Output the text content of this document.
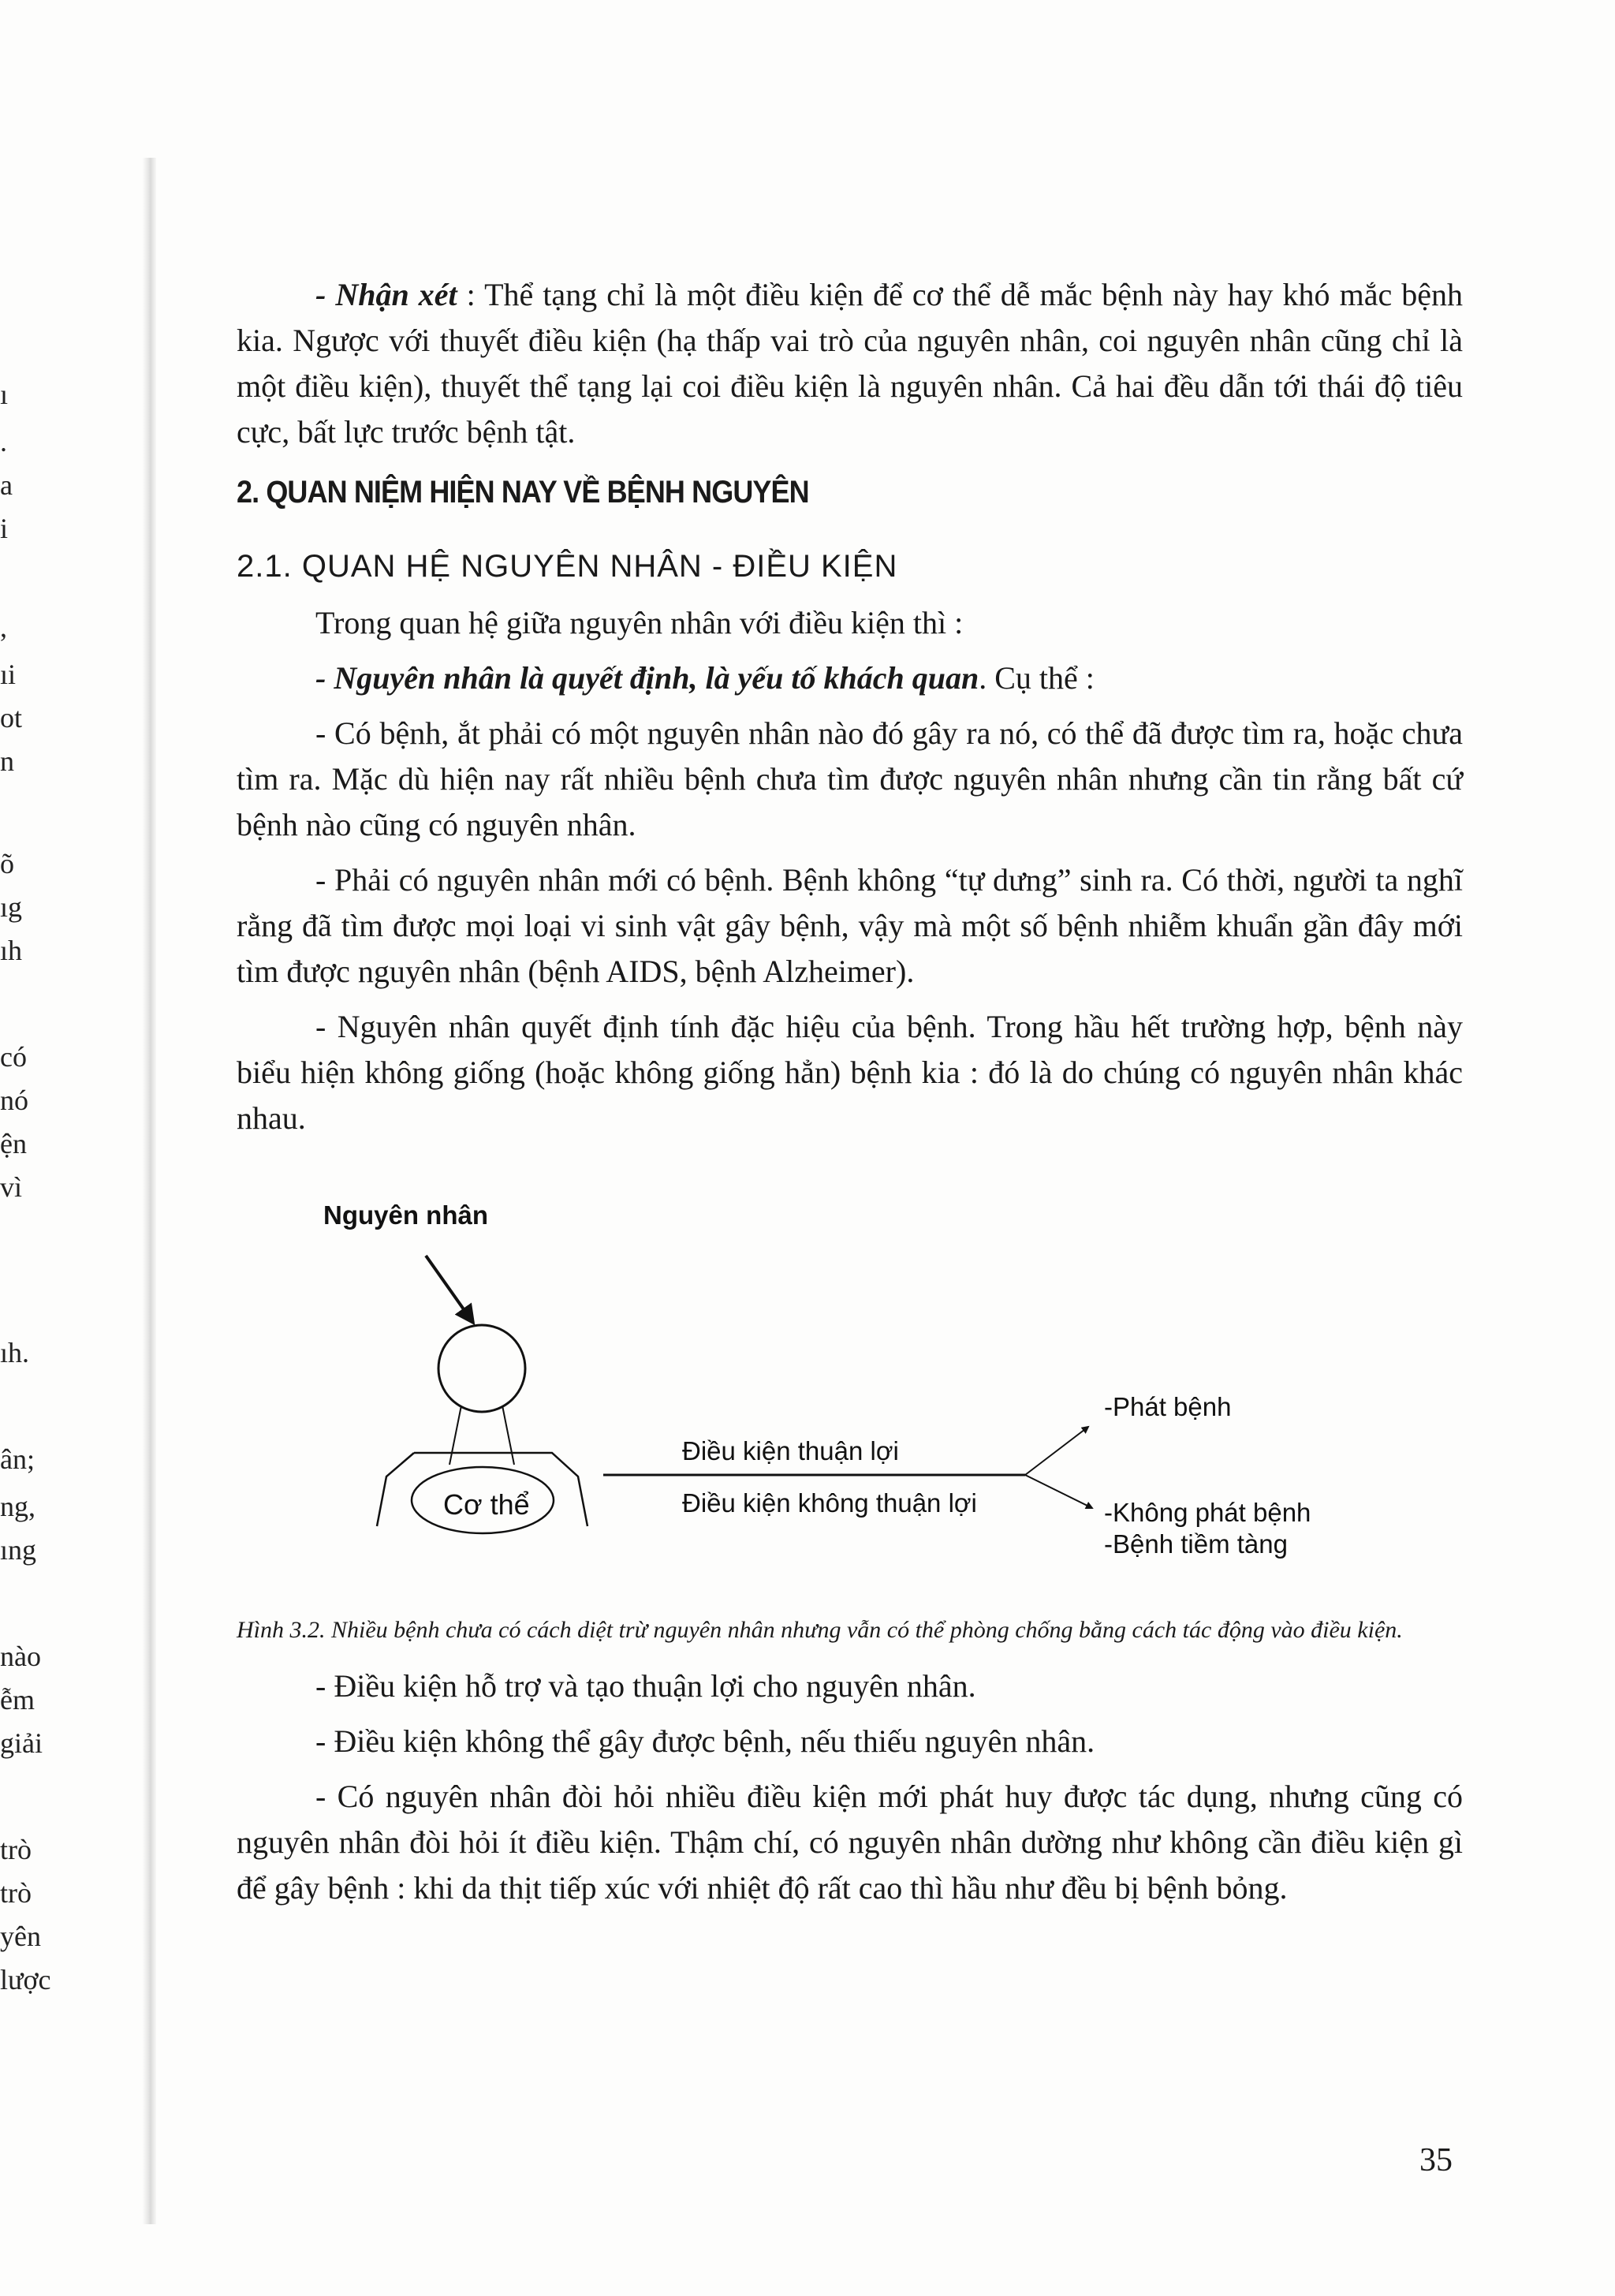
ı
.
a
i
,
ıi
ot
n
õ
ıg
ıh
có
nó
ện
vì
ıh.
ân;
ng,
ıng
nào
ễm
giải
trò
trò
yên
lược

- Nhận xét : Thể tạng chỉ là một điều kiện để cơ thể dễ mắc bệnh này hay khó mắc bệnh kia. Ngược với thuyết điều kiện (hạ thấp vai trò của nguyên nhân, coi nguyên nhân cũng chỉ là một điều kiện), thuyết thể tạng lại coi điều kiện là nguyên nhân. Cả hai đều dẫn tới thái độ tiêu cực, bất lực trước bệnh tật.

2. QUAN NIỆM HIỆN NAY VỀ BỆNH NGUYÊN
2.1. QUAN HỆ NGUYÊN NHÂN - ĐIỀU KIỆN

Trong quan hệ giữa nguyên nhân với điều kiện thì :

- Nguyên nhân là quyết định, là yếu tố khách quan. Cụ thể :

- Có bệnh, ắt phải có một nguyên nhân nào đó gây ra nó, có thể đã được tìm ra, hoặc chưa tìm ra. Mặc dù hiện nay rất nhiều bệnh chưa tìm được nguyên nhân nhưng cần tin rằng bất cứ bệnh nào cũng có nguyên nhân.

- Phải có nguyên nhân mới có bệnh. Bệnh không “tự dưng” sinh ra. Có thời, người ta nghĩ rằng đã tìm được mọi loại vi sinh vật gây bệnh, vậy mà một số bệnh nhiễm khuẩn gần đây mới tìm được nguyên nhân (bệnh AIDS, bệnh Alzheimer).

- Nguyên nhân quyết định tính đặc hiệu của bệnh. Trong hầu hết trường hợp, bệnh này biểu hiện không giống (hoặc không giống hẳn) bệnh kia : đó là do chúng có nguyên nhân khác nhau.

Nguyên nhân
Cơ thể
Điều kiện thuận lợi
Điều kiện không thuận lợi
-Phát bệnh
-Không phát bệnh
-Bệnh tiềm tàng

Hình 3.2. Nhiều bệnh chưa có cách diệt trừ nguyên nhân nhưng vẫn có thể phòng chống bằng cách tác động vào điều kiện.

- Điều kiện hỗ trợ và tạo thuận lợi cho nguyên nhân.

- Điều kiện không thể gây được bệnh, nếu thiếu nguyên nhân.

- Có nguyên nhân đòi hỏi nhiều điều kiện mới phát huy được tác dụng, nhưng cũng có nguyên nhân đòi hỏi ít điều kiện. Thậm chí, có nguyên nhân dường như không cần điều kiện gì để gây bệnh : khi da thịt tiếp xúc với nhiệt độ rất cao thì hầu như đều bị bệnh bỏng.

35
